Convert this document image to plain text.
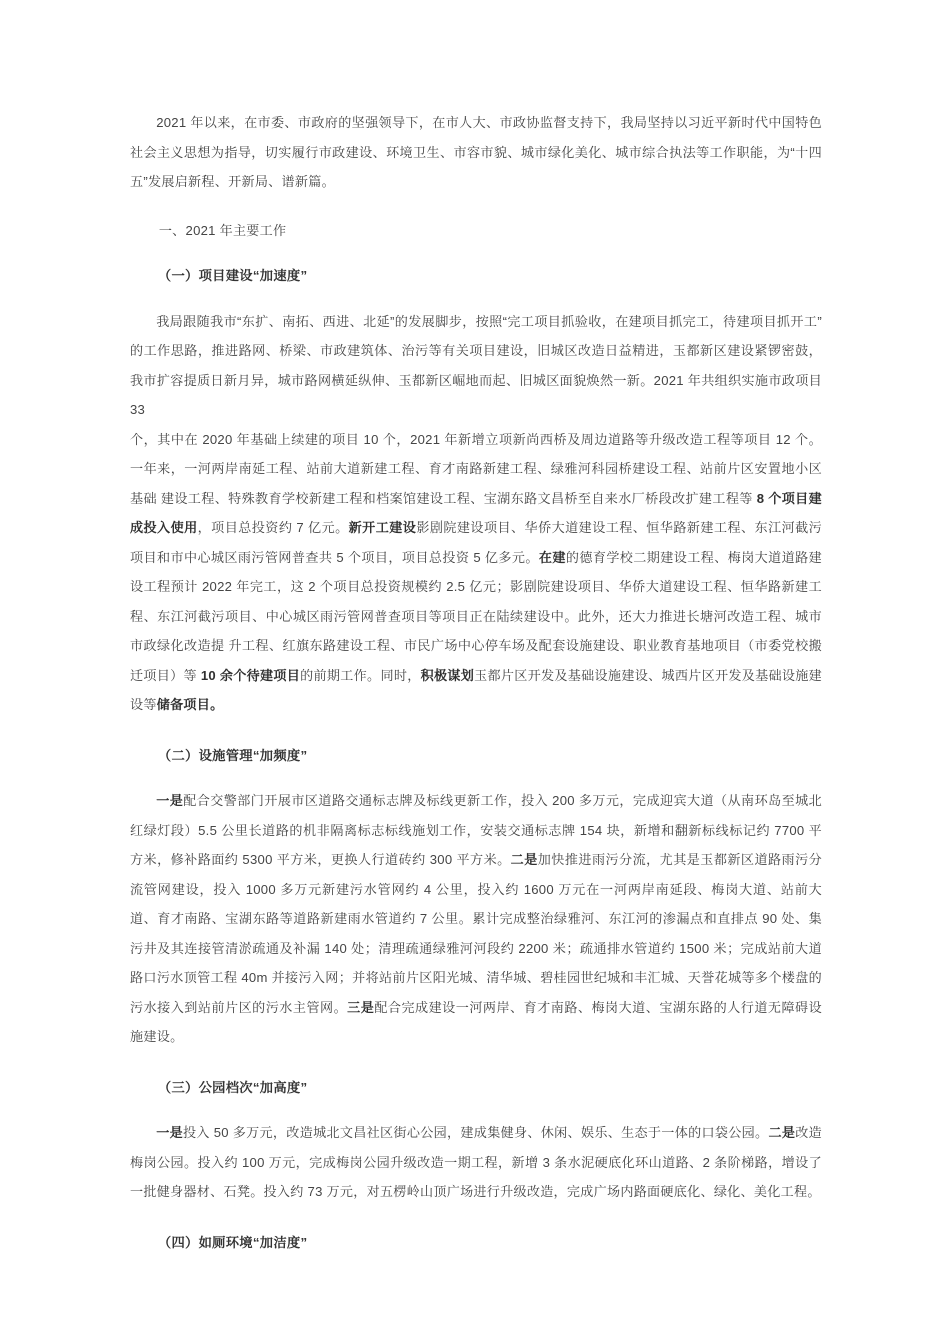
2021 年以来，在市委、市政府的坚强领导下，在市人大、市政协监督支持下，我局坚持以习近平新时代中国特色社会主义思想为指导，切实履行市政建设、环境卫生、市容市貌、城市绿化美化、城市综合执法等工作职能，为“十四五”发展启新程、开新局、谱新篇。

一、2021 年主要工作
（一）项目建设“加速度”

我局跟随我市“东扩、南拓、西进、北延”的发展脚步，按照“完工项目抓验收，在建项目抓完工，待建项目抓开工”的工作思路，推进路网、桥梁、市政建筑体、治污等有关项目建设，旧城区改造日益精进，玉都新区建设紧锣密鼓，我市扩容提质日新月异，城市路网横延纵伸、玉都新区崛地而起、旧城区面貌焕然一新。2021 年共组织实施市政项目 33
个，其中在 2020 年基础上续建的项目 10 个，2021 年新增立项新尚西桥及周边道路等升级改造工程等项目 12 个。一年来，一河两岸南延工程、站前大道新建工程、育才南路新建工程、绿雅河科园桥建设工程、站前片区安置地小区基础 建设工程、特殊教育学校新建工程和档案馆建设工程、宝湖东路文昌桥至自来水厂桥段改扩建工程等 8 个项目建成投入使用，项目总投资约 7 亿元。新开工建设影剧院建设项目、华侨大道建设工程、恒华路新建工程、东江河截污项目和市中心城区雨污管网普查共 5 个项目，项目总投资 5 亿多元。在建的德育学校二期建设工程、梅岗大道道路建设工程预计 2022 年完工，这 2 个项目总投资规模约 2.5 亿元；影剧院建设项目、华侨大道建设工程、恒华路新建工程、东江河截污项目、中心城区雨污管网普查项目等项目正在陆续建设中。此外，还大力推进长塘河改造工程、城市市政绿化改造提 升工程、红旗东路建设工程、市民广场中心停车场及配套设施建设、职业教育基地项目（市委党校搬迁项目）等 10 余个待建项目的前期工作。同时，积极谋划玉都片区开发及基础设施建设、城西片区开发及基础设施建设等储备项目。

（二）设施管理“加频度”

一是配合交警部门开展市区道路交通标志牌及标线更新工作，投入 200 多万元，完成迎宾大道（从南环岛至城北红绿灯段）5.5 公里长道路的机非隔离标志标线施划工作，安装交通标志牌 154 块，新增和翻新标线标记约 7700 平方米，修补路面约 5300 平方米，更换人行道砖约 300 平方米。二是加快推进雨污分流，尤其是玉都新区道路雨污分流管网建设，投入 1000 多万元新建污水管网约 4 公里，投入约 1600 万元在一河两岸南延段、梅岗大道、站前大道、育才南路、宝湖东路等道路新建雨水管道约 7 公里。累计完成整治绿雅河、东江河的渗漏点和直排点 90 处、集污井及其连接管清淤疏通及补漏 140 处；清理疏通绿雅河河段约 2200 米；疏通排水管道约 1500 米；完成站前大道路口污水顶管工程 40m 并接污入网；并将站前片区阳光城、清华城、碧桂园世纪城和丰汇城、天誉花城等多个楼盘的污水接入到站前片区的污水主管网。三是配合完成建设一河两岸、育才南路、梅岗大道、宝湖东路的人行道无障碍设施建设。

（三）公园档次“加高度”

一是投入 50 多万元，改造城北文昌社区街心公园，建成集健身、休闲、娱乐、生态于一体的口袋公园。二是改造梅岗公园。投入约 100 万元，完成梅岗公园升级改造一期工程，新增 3 条水泥硬底化环山道路、2 条阶梯路，增设了一批健身器材、石凳。投入约 73 万元，对五楞岭山顶广场进行升级改造，完成广场内路面硬底化、绿化、美化工程。

（四）如厕环境“加洁度”
